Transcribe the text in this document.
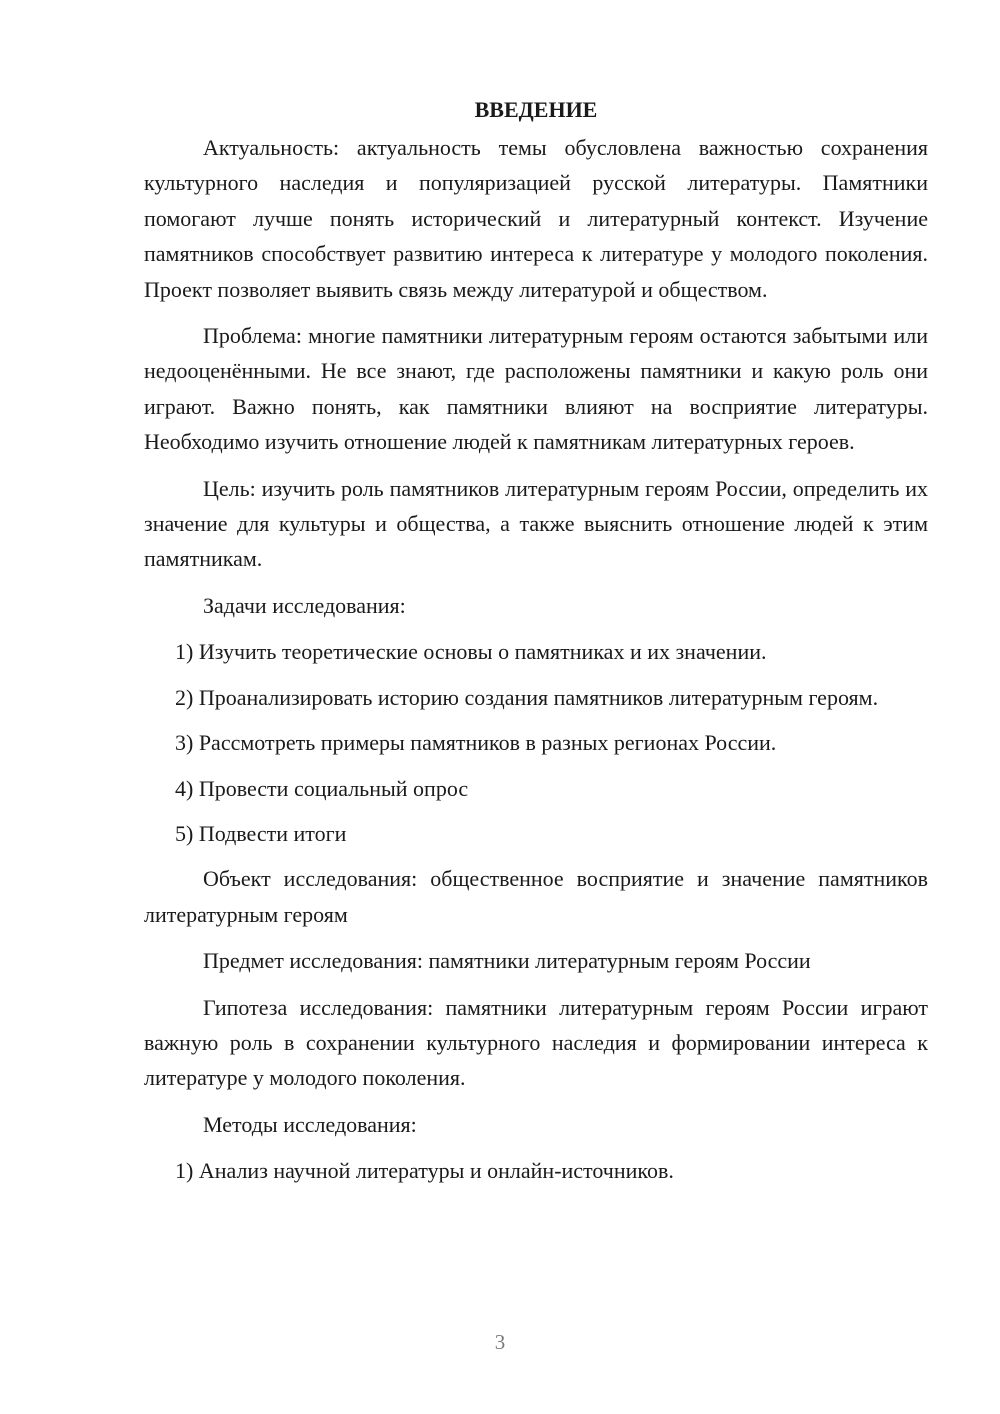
ВВЕДЕНИЕ

Актуальность: актуальность темы обусловлена важностью сохранения культурного наследия и популяризацией русской литературы. Памятники помогают лучше понять исторический и литературный контекст. Изучение памятников способствует развитию интереса к литературе у молодого поколения. Проект позволяет выявить связь между литературой и обществом.

Проблема: многие памятники литературным героям остаются забытыми или недооценёнными. Не все знают, где расположены памятники и какую роль они играют. Важно понять, как памятники влияют на восприятие литературы. Необходимо изучить отношение людей к памятникам литературных героев.

Цель: изучить роль памятников литературным героям России, определить их значение для культуры и общества, а также выяснить отношение людей к этим памятникам.

Задачи исследования:

1) Изучить теоретические основы о памятниках и их значении.

2) Проанализировать историю создания памятников литературным героям.

3) Рассмотреть примеры памятников в разных регионах России.

4) Провести социальный опрос

5) Подвести итоги

Объект исследования: общественное восприятие и значение памятников литературным героям

Предмет исследования: памятники литературным героям России

Гипотеза исследования: памятники литературным героям России играют важную роль в сохранении культурного наследия и формировании интереса к литературе у молодого поколения.

Методы исследования:

1) Анализ научной литературы и онлайн-источников.

3
